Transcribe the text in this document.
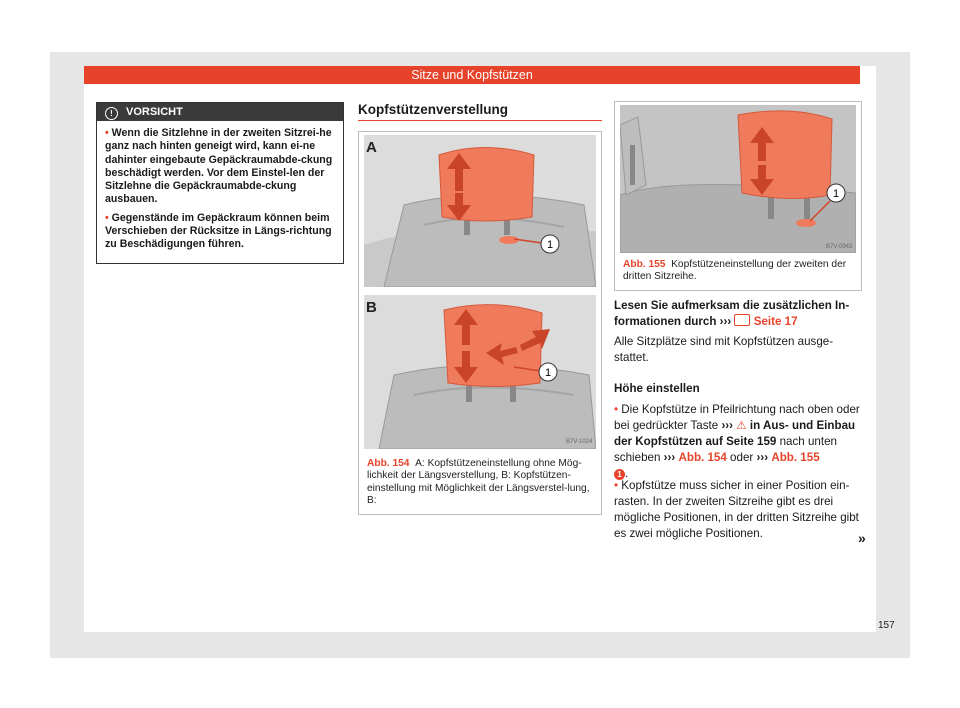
Sitze und Kopfstützen
! VORSICHT

• Wenn die Sitzlehne in der zweiten Sitzrei-he ganz nach hinten geneigt wird, kann ei-ne dahinter eingebaute Gepäckraumabde-ckung beschädigt werden. Vor dem Einstel-len der Sitzlehne die Gepäckraumabde-ckung ausbauen.

• Gegenstände im Gepäckraum können beim Verschieben der Rücksitze in Längs-richtung zu Beschädigungen führen.

Kopfstützenverstellung
1
A
1
B
B7V-1024
Abb. 154 A: Kopfstützeneinstellung ohne Mög-lichkeit der Längsverstellung, B: Kopfstützen-einstellung mit Möglichkeit der Längsverstel-lung, B:
1
B7V-0943
Abb. 155 Kopfstützeneinstellung der zweiten der dritten Sitzreihe.

Lesen Sie aufmerksam die zusätzlichen In-formationen durch ››› Seite 17

Alle Sitzplätze sind mit Kopfstützen ausge-stattet.
Höhe einstellen

• Die Kopfstütze in Pfeilrichtung nach oben oder bei gedrückter Taste ››› ⚠ in Aus- und Einbau der Kopfstützen auf Seite 159 nach unten schieben ››› Abb. 154 oder ››› Abb. 155
1 .

• Kopfstütze muss sicher in einer Position ein-rasten. In der zweiten Sitzreihe gibt es drei mögliche Positionen, in der dritten Sitzreihe gibt es zwei mögliche Positionen.	»
157
